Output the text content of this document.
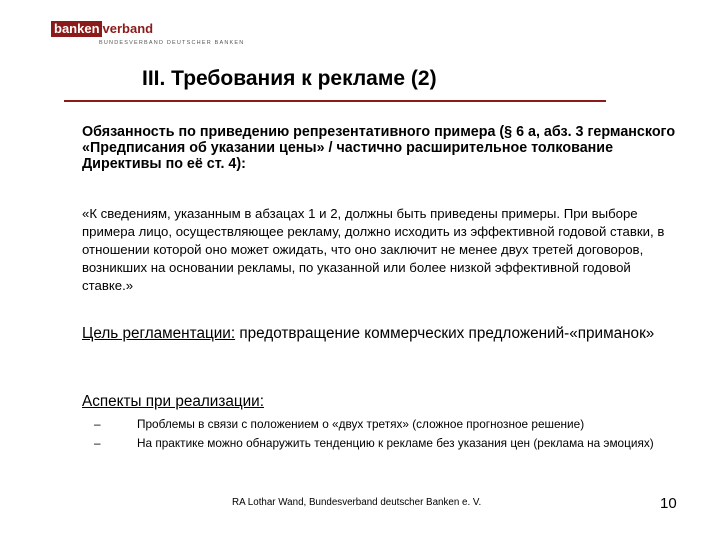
banken verband
BUNDESVERBAND DEUTSCHER BANKEN
III. Требования к рекламе (2)

Обязанность по приведению репрезентативного примера (§ 6 a, абз. 3 германского «Предписания об указании цены» / частично расширительное толкование Директивы по её ст. 4):

«К сведениям, указанным в абзацах 1 и 2, должны быть приведены примеры. При выборе примера лицо, осуществляющее рекламу, должно исходить из эффективной годовой ставки, в отношении которой оно может ожидать, что оно заключит не менее двух третей договоров, возникших на основании рекламы, по указанной или более низкой эффективной годовой ставке.»

Цель регламентации: предотвращение коммерческих предложений-«приманок»

Аспекты при реализации:

–	Проблемы в связи с положением о «двух третях» (сложное прогнозное решение)
–	На практике можно обнаружить тенденцию к рекламе без указания цен (реклама на эмоциях)
RA Lothar Wand, Bundesverband deutscher Banken e. V.	10
